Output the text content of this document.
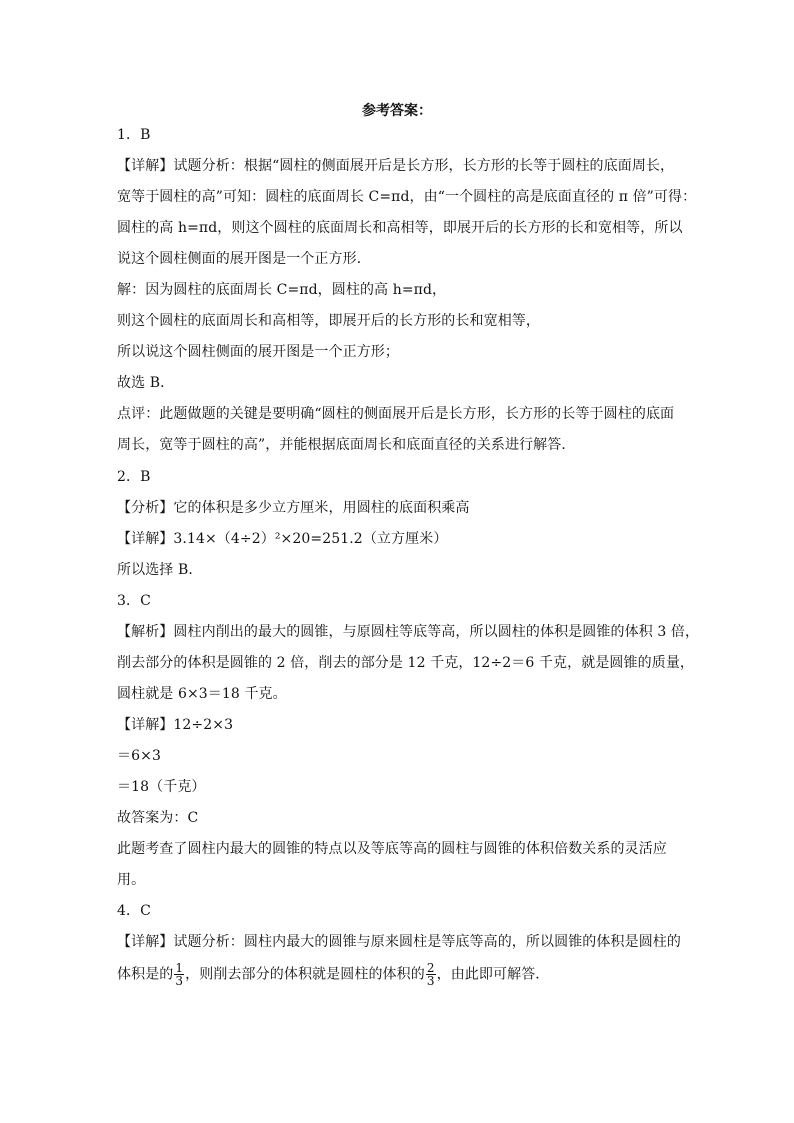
参考答案：
1．B
【详解】试题分析：根据“圆柱的侧面展开后是长方形，长方形的长等于圆柱的底面周长，
宽等于圆柱的高”可知：圆柱的底面周长 C=πd，由“一个圆柱的高是底面直径的 π 倍”可得：
圆柱的高 h=πd，则这个圆柱的底面周长和高相等，即展开后的长方形的长和宽相等，所以
说这个圆柱侧面的展开图是一个正方形．
解：因为圆柱的底面周长 C=πd，圆柱的高 h=πd，
则这个圆柱的底面周长和高相等，即展开后的长方形的长和宽相等，
所以说这个圆柱侧面的展开图是一个正方形；
故选 B．
点评：此题做题的关键是要明确“圆柱的侧面展开后是长方形，长方形的长等于圆柱的底面
周长，宽等于圆柱的高”，并能根据底面周长和底面直径的关系进行解答．
2．B
【分析】它的体积是多少立方厘米，用圆柱的底面积乘高
【详解】3.14×（4÷2）²×20=251.2（立方厘米）
所以选择 B．
3．C
【解析】圆柱内削出的最大的圆锥，与原圆柱等底等高，所以圆柱的体积是圆锥的体积 3 倍，
削去部分的体积是圆锥的 2 倍，削去的部分是 12 千克，12÷2＝6 千克，就是圆锥的质量，
圆柱就是 6×3＝18 千克。
【详解】12÷2×3
＝6×3
＝18（千克）
故答案为：C
此题考查了圆柱内最大的圆锥的特点以及等底等高的圆柱与圆锥的体积倍数关系的灵活应
用。
4．C
【详解】试题分析：圆柱内最大的圆锥与原来圆柱是等底等高的，所以圆锥的体积是圆柱的
体积是的 $\frac{1}{3}$ ，则削去部分的体积就是圆柱的体积的 $\frac{2}{3}$ ，由此即可解答．
